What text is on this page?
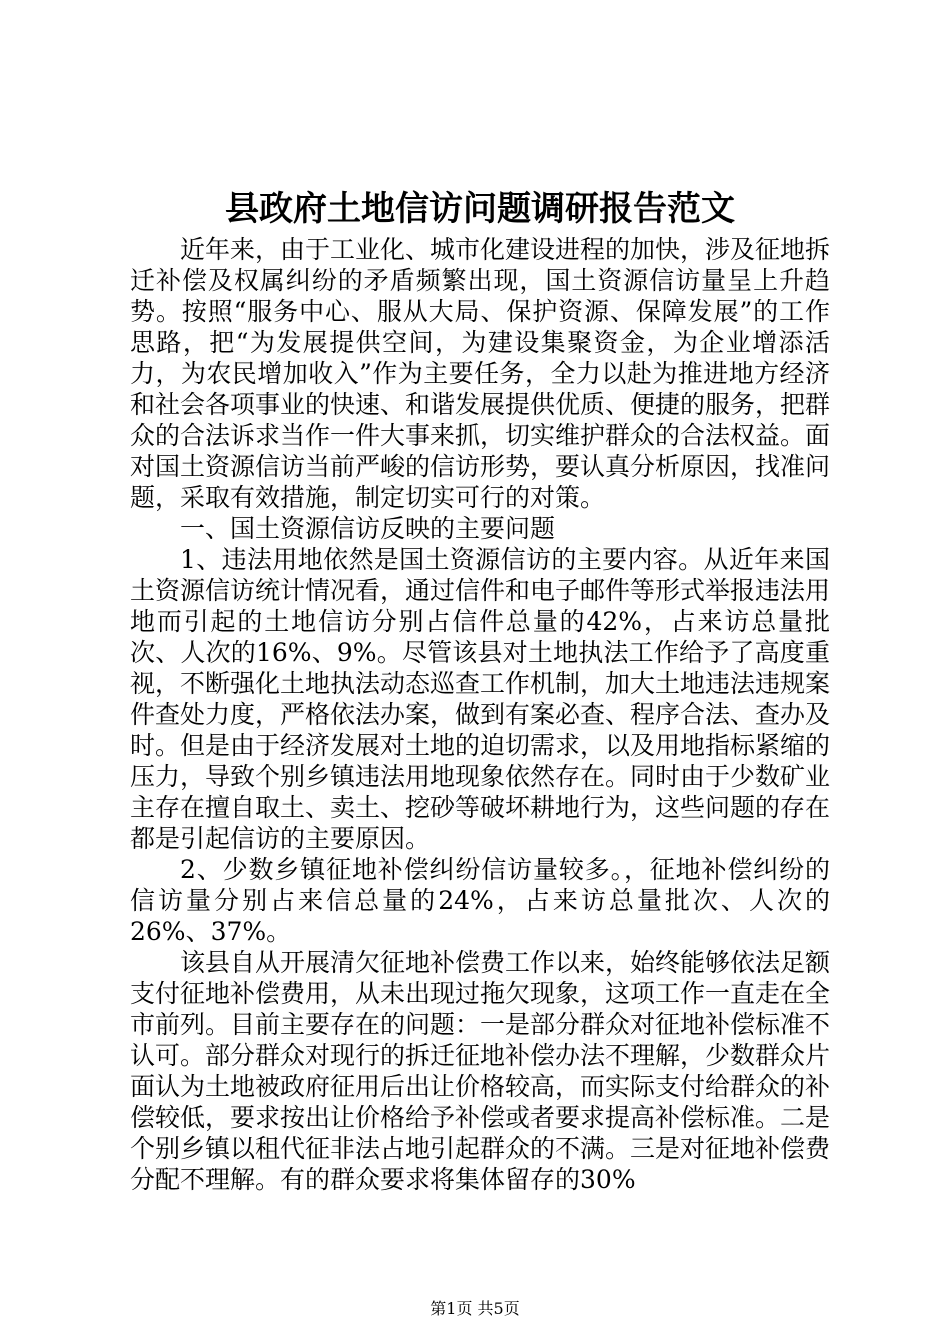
县政府土地信访问题调研报告范文

近年来，由于工业化、城市化建设进程的加快，涉及征地拆迁补偿及权属纠纷的矛盾频繁出现，国土资源信访量呈上升趋势。按照“服务中心、服从大局、保护资源、保障发展”的工作思路，把“为发展提供空间，为建设集聚资金，为企业增添活力，为农民增加收入”作为主要任务，全力以赴为推进地方经济和社会各项事业的快速、和谐发展提供优质、便捷的服务，把群众的合法诉求当作一件大事来抓，切实维护群众的合法权益。面对国土资源信访当前严峻的信访形势，要认真分析原因，找准问题，采取有效措施，制定切实可行的对策。

一、国土资源信访反映的主要问题

1、违法用地依然是国土资源信访的主要内容。从近年来国土资源信访统计情况看，通过信件和电子邮件等形式举报违法用地而引起的土地信访分别占信件总量的42%，占来访总量批次、人次的16%、9%。尽管该县对土地执法工作给予了高度重视，不断强化土地执法动态巡查工作机制，加大土地违法违规案件查处力度，严格依法办案，做到有案必查、程序合法、查办及时。但是由于经济发展对土地的迫切需求，以及用地指标紧缩的压力，导致个别乡镇违法用地现象依然存在。同时由于少数矿业主存在擅自取土、卖土、挖砂等破坏耕地行为，这些问题的存在都是引起信访的主要原因。

2、少数乡镇征地补偿纠纷信访量较多。，征地补偿纠纷的信访量分别占来信总量的24%，占来访总量批次、人次的26%、37%。

该县自从开展清欠征地补偿费工作以来，始终能够依法足额支付征地补偿费用，从未出现过拖欠现象，这项工作一直走在全市前列。目前主要存在的问题：一是部分群众对征地补偿标准不认可。部分群众对现行的拆迁征地补偿办法不理解，少数群众片面认为土地被政府征用后出让价格较高，而实际支付给群众的补偿较低，要求按出让价格给予补偿或者要求提高补偿标准。二是个别乡镇以租代征非法占地引起群众的不满。三是对征地补偿费分配不理解。有的群众要求将集体留存的30%

第1页 共5页
